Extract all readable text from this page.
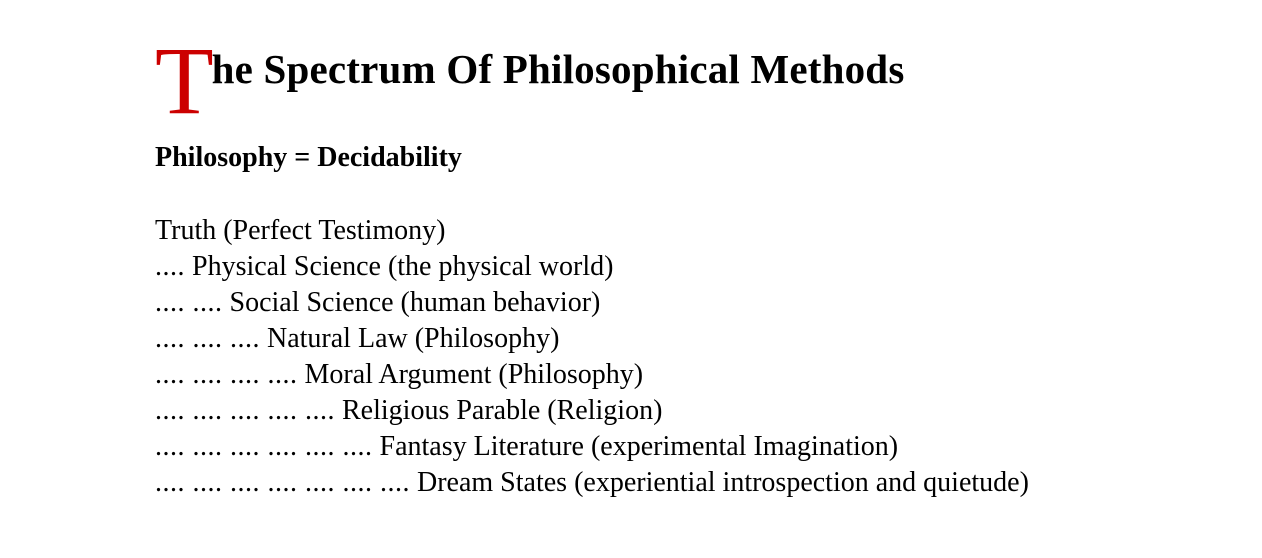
T
he Spectrum Of Philosophical Methods
Philosophy = Decidability
Truth (Perfect Testimony)
.... Physical Science (the physical world)
.... .... Social Science (human behavior)
.... .... .... Natural Law (Philosophy)
.... .... .... .... Moral Argument (Philosophy)
.... .... .... .... .... Religious Parable (Religion)
.... .... .... .... .... .... Fantasy Literature (experimental Imagination)
.... .... .... .... .... .... .... Dream States (experiential introspection and quietude)
